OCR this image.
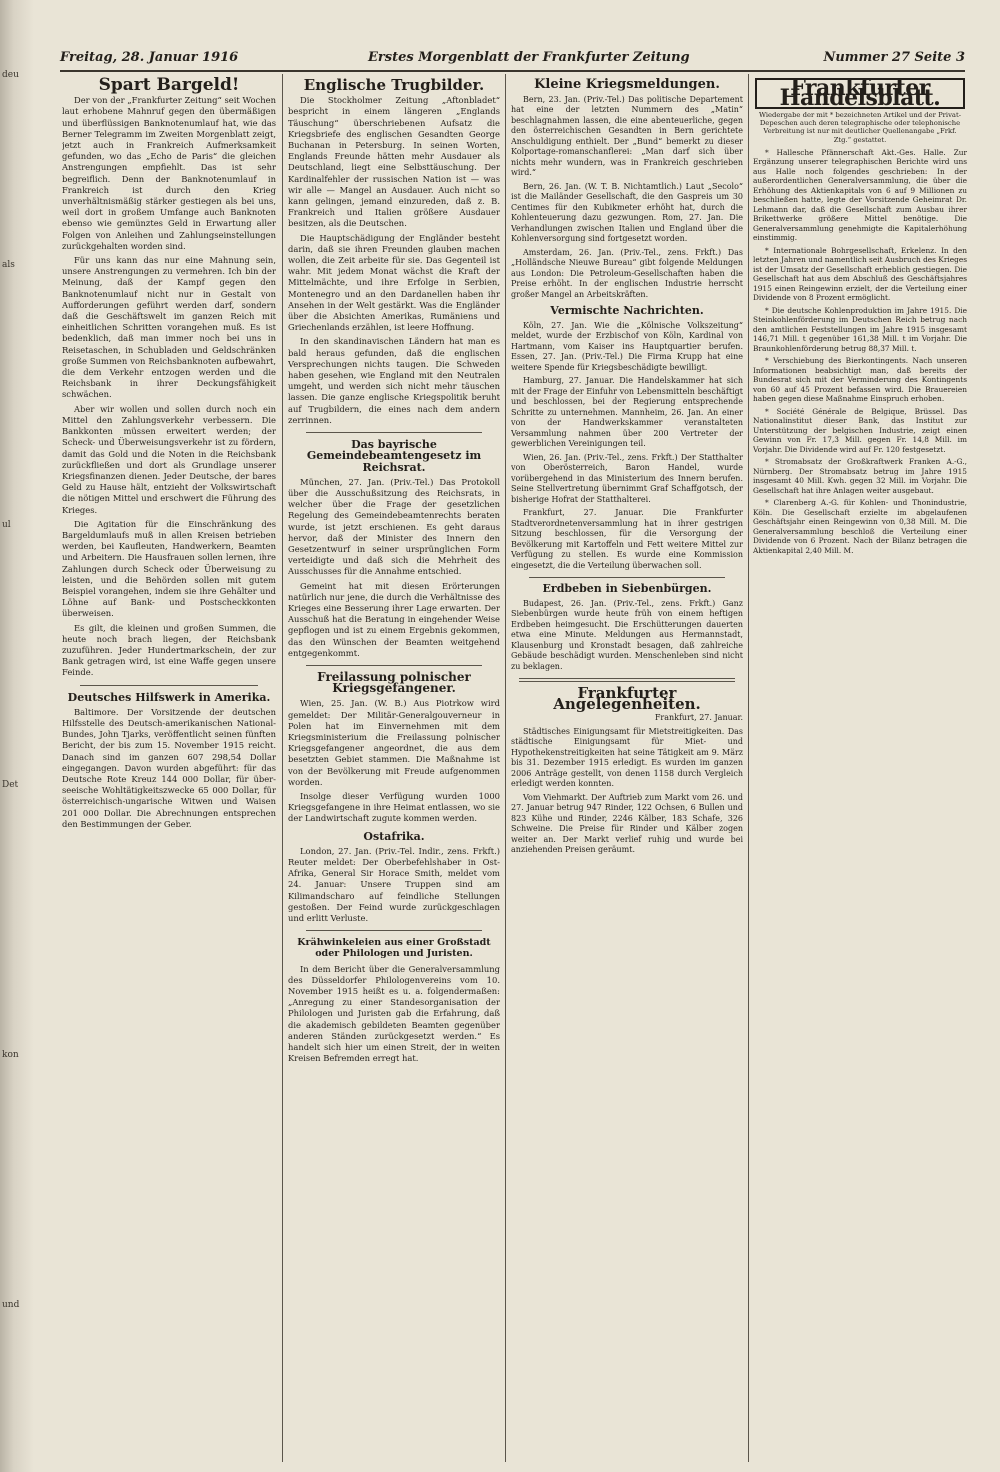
deu
als
ul
Det
kon
und
Freitag, 28. Januar 1916	Erstes Morgenblatt der Frankfurter Zeitung	Nummer 27 Seite 3
Spart Bargeld!

Der von der „Frankfurter Zeitung“ seit Wochen laut erhobene Mahnruf gegen den übermäßigen und überflüssigen Banknotenumlauf hat, wie das Berner Telegramm im Zweiten Morgenblatt zeigt, jetzt auch in Frankreich Aufmerksamkeit gefunden, wo das „Echo de Paris“ die gleichen Anstrengungen empfiehlt. Das ist sehr begreiflich. Denn der Banknotenumlauf in Frankreich ist durch den Krieg unverhältnismäßig stärker gestiegen als bei uns, weil dort in großem Umfange auch Banknoten ebenso wie gemünztes Geld in Erwartung aller Folgen von Anleihen und Zahlungseinstellungen zurückgehalten worden sind.

Für uns kann das nur eine Mahnung sein, unsere Anstrengungen zu vermehren. Ich bin der Meinung, daß der Kampf gegen den Banknotenumlauf nicht nur in Gestalt von Aufforderungen geführt werden darf, sondern daß die Geschäftswelt im ganzen Reich mit einheitlichen Schritten vorangehen muß. Es ist bedenklich, daß man immer noch bei uns in Reisetaschen, in Schubladen und Geldschränken große Summen von Reichsbanknoten aufbewahrt, die dem Verkehr entzogen werden und die Reichsbank in ihrer Deckungsfähigkeit schwächen.

Aber wir wollen und sollen durch noch ein Mittel den Zahlungsverkehr verbessern. Die Bankkonten müssen erweitert werden; der Scheck- und Überweisungsverkehr ist zu fördern, damit das Gold und die Noten in die Reichsbank zurückfließen und dort als Grundlage unserer Kriegsfinanzen dienen. Jeder Deutsche, der bares Geld zu Hause hält, entzieht der Volkswirtschaft die nötigen Mittel und erschwert die Führung des Krieges.

Die Agitation für die Einschränkung des Bargeldumlaufs muß in allen Kreisen betrieben werden, bei Kaufleuten, Handwerkern, Beamten und Arbeitern. Die Hausfrauen sollen lernen, ihre Zahlungen durch Scheck oder Überweisung zu leisten, und die Behörden sollen mit gutem Beispiel vorangehen, indem sie ihre Gehälter und Löhne auf Bank- und Postscheckkonten überweisen.

Es gilt, die kleinen und großen Summen, die heute noch brach liegen, der Reichsbank zuzuführen. Jeder Hundertmarkschein, der zur Bank getragen wird, ist eine Waffe gegen unsere Feinde.

Deutsches Hilfswerk in Amerika.

Baltimore. Der Vorsitzende der deutschen Hilfsstelle des Deutsch-amerikanischen National-Bundes, John Tjarks, veröffentlicht seinen fünften Bericht, der bis zum 15. November 1915 reicht. Danach sind im ganzen 607 298,54 Dollar eingegangen. Davon wurden abgeführt: für das Deutsche Rote Kreuz 144 000 Dollar, für über-seeische Wohltätigkeitszwecke 65 000 Dollar, für österreichisch-ungarische Witwen und Waisen 201 000 Dollar. Die Abrechnungen entsprechen den Bestimmungen der Geber.

Englische Trugbilder.

Die Stockholmer Zeitung „Aftonbladet“ bespricht in einem längeren „Englands Täuschung“ überschriebenen Aufsatz die Kriegsbriefe des englischen Gesandten George Buchanan in Petersburg. In seinen Worten, Englands Freunde hätten mehr Ausdauer als Deutschland, liegt eine Selbsttäuschung. Der Kardinalfehler der russischen Nation ist — was wir alle — Mangel an Ausdauer. Auch nicht so kann gelingen, jemand einzureden, daß z. B. Frankreich und Italien größere Ausdauer besitzen, als die Deutschen.

Die Hauptschädigung der Engländer besteht darin, daß sie ihren Freunden glauben machen wollen, die Zeit arbeite für sie. Das Gegenteil ist wahr. Mit jedem Monat wächst die Kraft der Mittelmächte, und ihre Erfolge in Serbien, Montenegro und an den Dardanellen haben ihr Ansehen in der Welt gestärkt. Was die Engländer über die Absichten Amerikas, Rumäniens und Griechenlands erzählen, ist leere Hoffnung.

In den skandinavischen Ländern hat man es bald heraus gefunden, daß die englischen Versprechungen nichts taugen. Die Schweden haben gesehen, wie England mit den Neutralen umgeht, und werden sich nicht mehr täuschen lassen. Die ganze englische Kriegspolitik beruht auf Trugbildern, die eines nach dem andern zerrinnen.

Das bayrische Gemeindebeamtengesetz im Reichsrat.

München, 27. Jan. (Priv.-Tel.) Das Protokoll über die Ausschußsitzung des Reichsrats, in welcher über die Frage der gesetzlichen Regelung des Gemeindebeamtenrechts beraten wurde, ist jetzt erschienen. Es geht daraus hervor, daß der Minister des Innern den Gesetzentwurf in seiner ursprünglichen Form verteidigte und daß sich die Mehrheit des Ausschusses für die Annahme entschied.

Gemeint hat mit diesen Erörterungen natürlich nur jene, die durch die Verhältnisse des Krieges eine Besserung ihrer Lage erwarten. Der Ausschuß hat die Beratung in eingehender Weise gepflogen und ist zu einem Ergebnis gekommen, das den Wünschen der Beamten weitgehend entgegenkommt.

Freilassung polnischer Kriegsgefangener.

Wien, 25. Jan. (W. B.) Aus Piotrkow wird gemeldet: Der Militär-Generalgouverneur in Polen hat im Einvernehmen mit dem Kriegsministerium die Freilassung polnischer Kriegsgefangener angeordnet, die aus dem besetzten Gebiet stammen. Die Maßnahme ist von der Bevölkerung mit Freude aufgenommen worden.

Insolge dieser Verfügung wurden 1000 Kriegsgefangene in ihre Heimat entlassen, wo sie der Landwirtschaft zugute kommen werden.

Ostafrika.

London, 27. Jan. (Priv.-Tel. Indir., zens. Frkft.) Reuter meldet: Der Oberbefehlshaber in Ost-Afrika, General Sir Horace Smith, meldet vom 24. Januar: Unsere Truppen sind am Kilimandscharo auf feindliche Stellungen gestoßen. Der Feind wurde zurückgeschlagen und erlitt Verluste.

Krähwinkeleien aus einer Großstadt oder Philologen und Juristen.

In dem Bericht über die Generalversammlung des Düsseldorfer Philologenvereins vom 10. November 1915 heißt es u. a. folgendermaßen: „Anregung zu einer Standesorganisation der Philologen und Juristen gab die Erfahrung, daß die akademisch gebildeten Beamten gegenüber anderen Ständen zurückgesetzt werden.“ Es handelt sich hier um einen Streit, der in weiten Kreisen Befremden erregt hat.

Kleine Kriegsmeldungen.

Bern, 23. Jan. (Priv.-Tel.) Das politische Departement hat eine der letzten Nummern des „Matin“ beschlagnahmen lassen, die eine abenteuerliche, gegen den österreichischen Gesandten in Bern gerichtete Anschuldigung enthielt. Der „Bund“ bemerkt zu dieser Kolportage-romanschanflerei: „Man darf sich über nichts mehr wundern, was in Frankreich geschrieben wird.“

Bern, 26. Jan. (W. T. B. Nichtamtlich.) Laut „Secolo“ ist die Mailänder Gesellschaft, die den Gaspreis um 30 Centimes für den Kubikmeter erhöht hat, durch die Kohlenteuerung dazu gezwungen. Rom, 27. Jan. Die Verhandlungen zwischen Italien und England über die Kohlenversorgung sind fortgesetzt worden.

Amsterdam, 26. Jan. (Priv.-Tel., zens. Frkft.) Das „Holländsche Nieuwe Bureau“ gibt folgende Meldungen aus London: Die Petroleum-Gesellschaften haben die Preise erhöht. In der englischen Industrie herrscht großer Mangel an Arbeitskräften.

Vermischte Nachrichten.

Köln, 27. Jan. Wie die „Kölnische Volkszeitung“ meldet, wurde der Erzbischof von Köln, Kardinal von Hartmann, vom Kaiser ins Hauptquartier berufen. Essen, 27. Jan. (Priv.-Tel.) Die Firma Krupp hat eine weitere Spende für Kriegsbeschädigte bewilligt.

Hamburg, 27. Januar. Die Handelskammer hat sich mit der Frage der Einfuhr von Lebensmitteln beschäftigt und beschlossen, bei der Regierung entsprechende Schritte zu unternehmen. Mannheim, 26. Jan. An einer von der Handwerkskammer veranstalteten Versammlung nahmen über 200 Vertreter der gewerblichen Vereinigungen teil.

Wien, 26. Jan. (Priv.-Tel., zens. Frkft.) Der Statthalter von Oberösterreich, Baron Handel, wurde vorübergehend in das Ministerium des Innern berufen. Seine Stellvertretung übernimmt Graf Schaffgotsch, der bisherige Hofrat der Statthalterei.

Frankfurt, 27. Januar. Die Frankfurter Stadtverordnetenversammlung hat in ihrer gestrigen Sitzung beschlossen, für die Versorgung der Bevölkerung mit Kartoffeln und Fett weitere Mittel zur Verfügung zu stellen. Es wurde eine Kommission eingesetzt, die die Verteilung überwachen soll.

Erdbeben in Siebenbürgen.

Budapest, 26. Jan. (Priv.-Tel., zens. Frkft.) Ganz Siebenbürgen wurde heute früh von einem heftigen Erdbeben heimgesucht. Die Erschütterungen dauerten etwa eine Minute. Meldungen aus Hermannstadt, Klausenburg und Kronstadt besagen, daß zahlreiche Gebäude beschädigt wurden. Menschenleben sind nicht zu beklagen.

Frankfurter Angelegenheiten.
Frankfurt, 27. Januar.

Städtisches Einigungsamt für Mietstreitigkeiten. Das städtische Einigungsamt für Miet- und Hypothekenstreitigkeiten hat seine Tätigkeit am 9. März bis 31. Dezember 1915 erledigt. Es wurden im ganzen 2006 Anträge gestellt, von denen 1158 durch Vergleich erledigt werden konnten.

Vom Viehmarkt. Der Auftrieb zum Markt vom 26. und 27. Januar betrug 947 Rinder, 122 Ochsen, 6 Bullen und 823 Kühe und Rinder, 2246 Kälber, 183 Schafe, 326 Schweine. Die Preise für Rinder und Kälber zogen weiter an. Der Markt verlief ruhig und wurde bei anziehenden Preisen geräumt.

Frankfurter Handelsblatt.
Wiedergabe der mit * bezeichneten Artikel und der Privat-Depeschen auch deren telegraphische oder telephonische Verbreitung ist nur mit deutlicher Quellenangabe „Frkf. Ztg.“ gestattet.

* Hallesche Pfännerschaft Akt.-Ges. Halle. Zur Ergänzung unserer telegraphischen Berichte wird uns aus Halle noch folgendes geschrieben: In der außerordentlichen Generalversammlung, die über die Erhöhung des Aktienkapitals von 6 auf 9 Millionen zu beschließen hatte, legte der Vorsitzende Geheimrat Dr. Lehmann dar, daß die Gesellschaft zum Ausbau ihrer Brikettwerke größere Mittel benötige. Die Generalversammlung genehmigte die Kapitalerhöhung einstimmig.

* Internationale Bohrgesellschaft, Erkelenz. In den letzten Jahren und namentlich seit Ausbruch des Krieges ist der Umsatz der Gesellschaft erheblich gestiegen. Die Gesellschaft hat aus dem Abschluß des Geschäftsjahres 1915 einen Reingewinn erzielt, der die Verteilung einer Dividende von 8 Prozent ermöglicht.

* Die deutsche Kohlenproduktion im Jahre 1915. Die Steinkohlenförderung im Deutschen Reich betrug nach den amtlichen Feststellungen im Jahre 1915 insgesamt 146,71 Mill. t gegenüber 161,38 Mill. t im Vorjahr. Die Braunkohlenförderung betrug 88,37 Mill. t.

* Verschiebung des Bierkontingents. Nach unseren Informationen beabsichtigt man, daß bereits der Bundesrat sich mit der Verminderung des Kontingents von 60 auf 45 Prozent befassen wird. Die Brauereien haben gegen diese Maßnahme Einspruch erhoben.

* Société Générale de Belgique, Brüssel. Das Nationalinstitut dieser Bank, das Institut zur Unterstützung der belgischen Industrie, zeigt einen Gewinn von Fr. 17,3 Mill. gegen Fr. 14,8 Mill. im Vorjahr. Die Dividende wird auf Fr. 120 festgesetzt.

* Stromabsatz der Großkraftwerk Franken A.-G., Nürnberg. Der Stromabsatz betrug im Jahre 1915 insgesamt 40 Mill. Kwh. gegen 32 Mill. im Vorjahr. Die Gesellschaft hat ihre Anlagen weiter ausgebaut.

* Clarenberg A.-G. für Kohlen- und Thonindustrie, Köln. Die Gesellschaft erzielte im abgelaufenen Geschäftsjahr einen Reingewinn von 0,38 Mill. M. Die Generalversammlung beschloß die Verteilung einer Dividende von 6 Prozent. Nach der Bilanz betragen die Aktienkapital 2,40 Mill. M.
